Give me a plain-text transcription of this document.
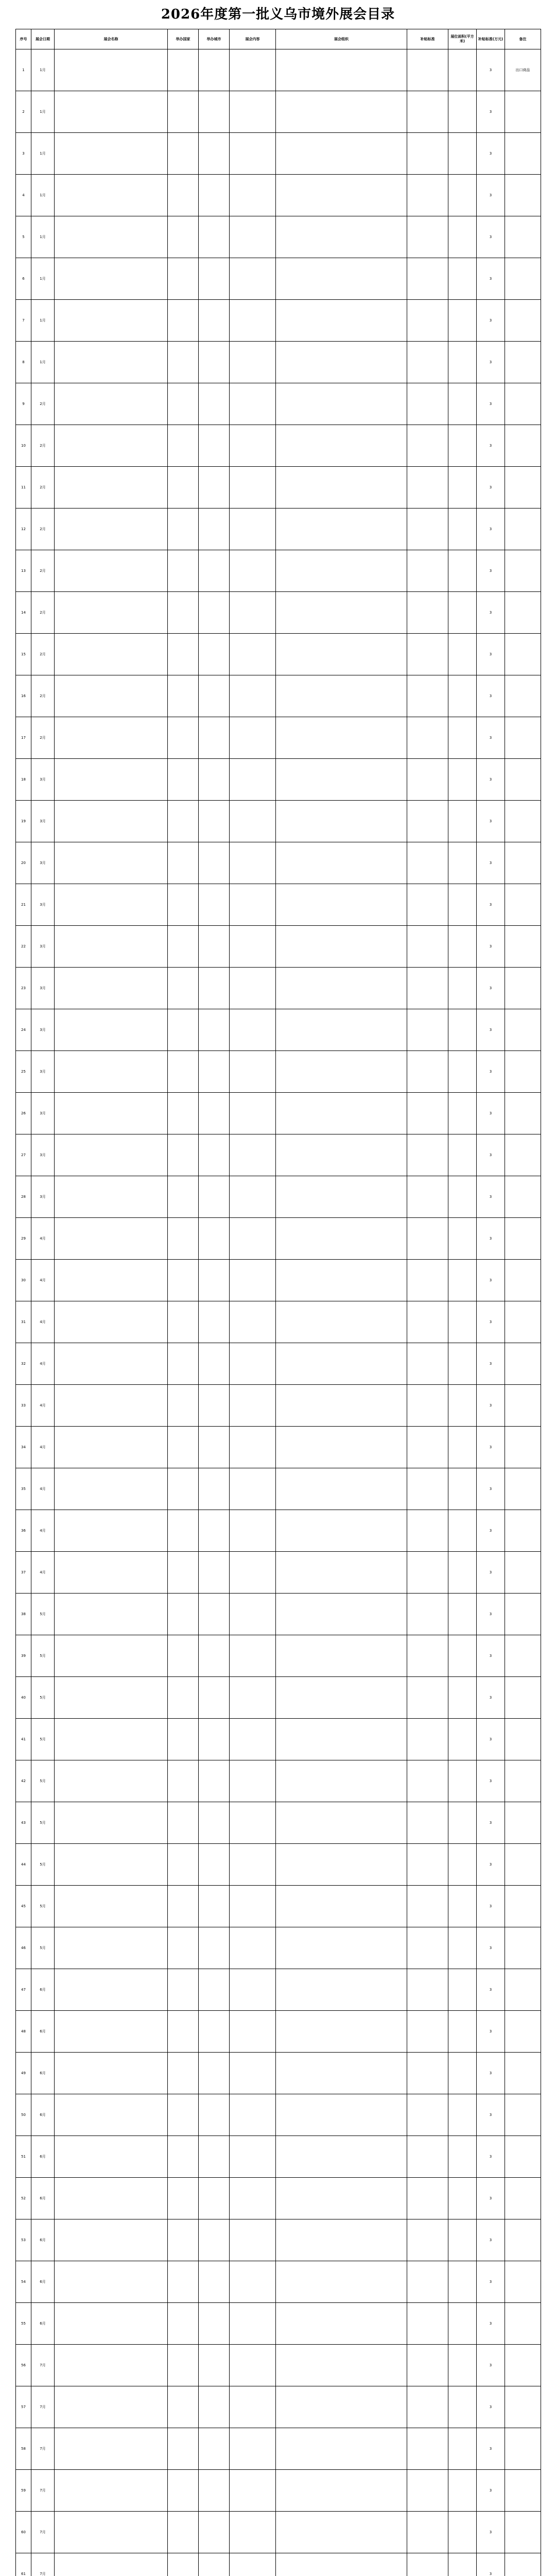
2026年度第一批义乌市境外展会目录
序号	展会日期	展会名称	举办国家	举办城市	展会内容	展会组织	补贴标准	展位面积(平方米)	补贴标准(万元)	备注
1	1月								3	出口商品
2	1月								3	
3	1月								3	
4	1月								3	
5	1月								3	
6	1月								3	
7	1月								3	
8	1月								3	
9	2月								3	
10	2月								3	
11	2月								3	
12	2月								3	
13	2月								3	
14	2月								3	
15	2月								3	
16	2月								3	
17	2月								3	
18	3月								3	
19	3月								3	
20	3月								3	
21	3月								3	
22	3月								3	
23	3月								3	
24	3月								3	
25	3月								3	
26	3月								3	
27	3月								3	
28	3月								3	
29	4月								3	
30	4月								3	
31	4月								3	
32	4月								3	
33	4月								3	
34	4月								3	
35	4月								3	
36	4月								3	
37	4月								3	
38	5月								3	
39	5月								3	
40	5月								3	
41	5月								3	
42	5月								3	
43	5月								3	
44	5月								3	
45	5月								3	
46	5月								3	
47	6月								3	
48	6月								3	
49	6月								3	
50	6月								3	
51	6月								3	
52	6月								3	
53	6月								3	
54	6月								3	
55	6月								3	
56	7月								3	
57	7月								3	
58	7月								3	
59	7月								3	
60	7月								3	
61	7月								3	
